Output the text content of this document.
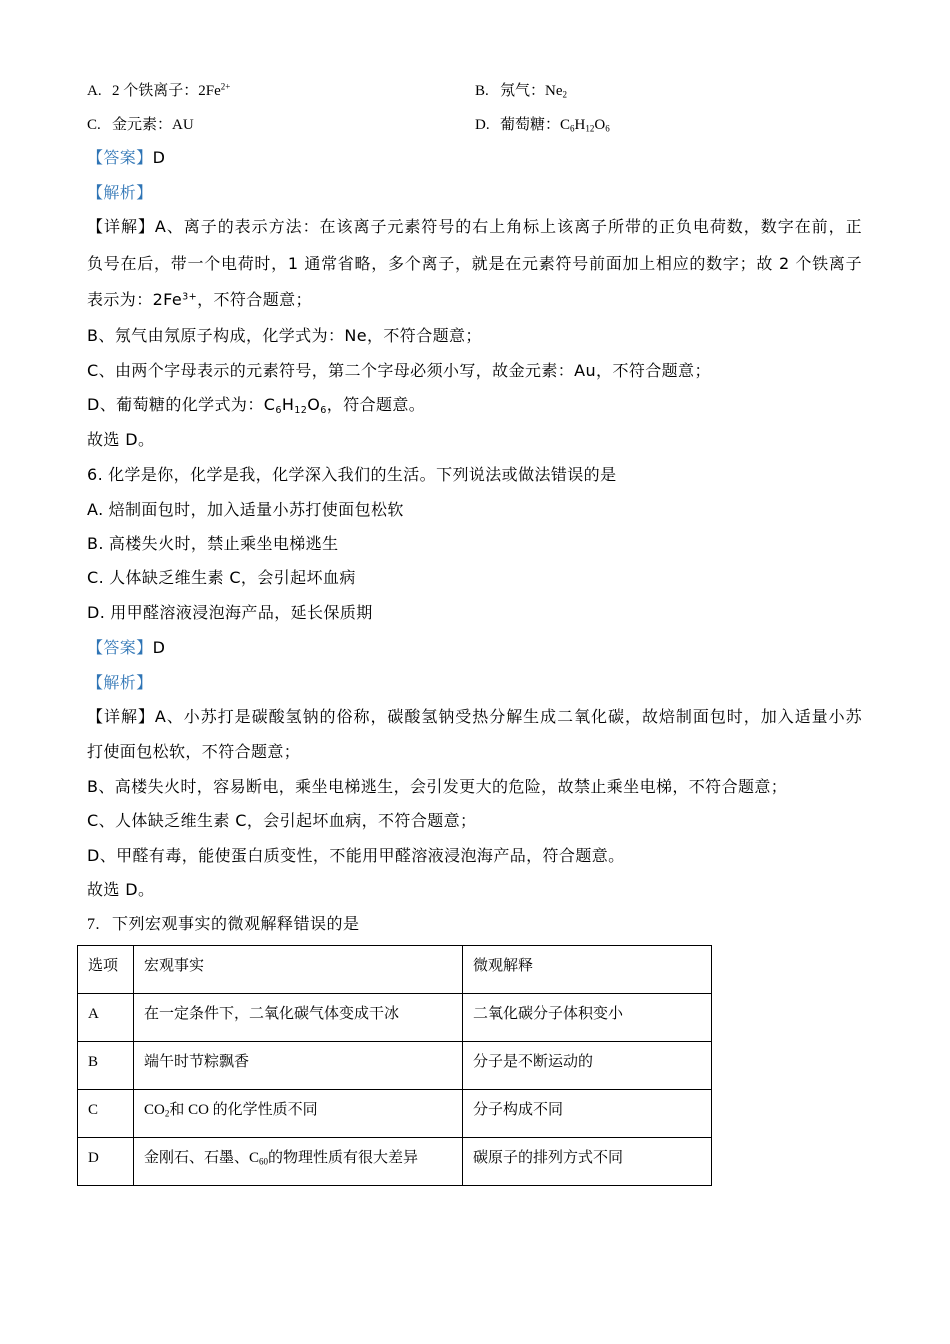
A. 2 个铁离子：$2Fe^{2+}$	B. 氖气：$Ne_2$
C. 金元素：AU	D. 葡萄糖：$C_6H_{12}O_6$
【答案】D
【解析】
【详解】A、离子的表示方法：在该离子元素符号的右上角标上该离子所带的正负电荷数，数字在前，正
负号在后，带一个电荷时，1 通常省略，多个离子，就是在元素符号前面加上相应的数字；故 2 个铁离子
表示为：$2Fe^{3+}$，不符合题意；
B、氖气由氖原子构成，化学式为：Ne，不符合题意；
C、由两个字母表示的元素符号，第二个字母必须小写，故金元素：Au，不符合题意；
D、葡萄糖的化学式为：$C_6H_{12}O_6$，符合题意。
故选 D。
6. 化学是你，化学是我，化学深入我们的生活。下列说法或做法错误的是
A. 焙制面包时，加入适量小苏打使面包松软
B. 高楼失火时，禁止乘坐电梯逃生
C. 人体缺乏维生素 C，会引起坏血病
D. 用甲醛溶液浸泡海产品，延长保质期
【答案】D
【解析】
【详解】A、小苏打是碳酸氢钠的俗称，碳酸氢钠受热分解生成二氧化碳，故焙制面包时，加入适量小苏
打使面包松软，不符合题意；
B、高楼失火时，容易断电，乘坐电梯逃生，会引发更大的危险，故禁止乘坐电梯，不符合题意；
C、人体缺乏维生素 C，会引起坏血病，不符合题意；
D、甲醛有毒，能使蛋白质变性，不能用甲醛溶液浸泡海产品，符合题意。
故选 D。
7. 下列宏观事实的微观解释错误的是
选项	宏观事实	微观解释
A	在一定条件下，二氧化碳气体变成干冰	二氧化碳分子体积变小
B	端午时节粽飘香	分子是不断运动的
C	$CO_2$和 CO 的化学性质不同	分子构成不同
D	金刚石、石墨、$C_{60}$的物理性质有很大差异	碳原子的排列方式不同
